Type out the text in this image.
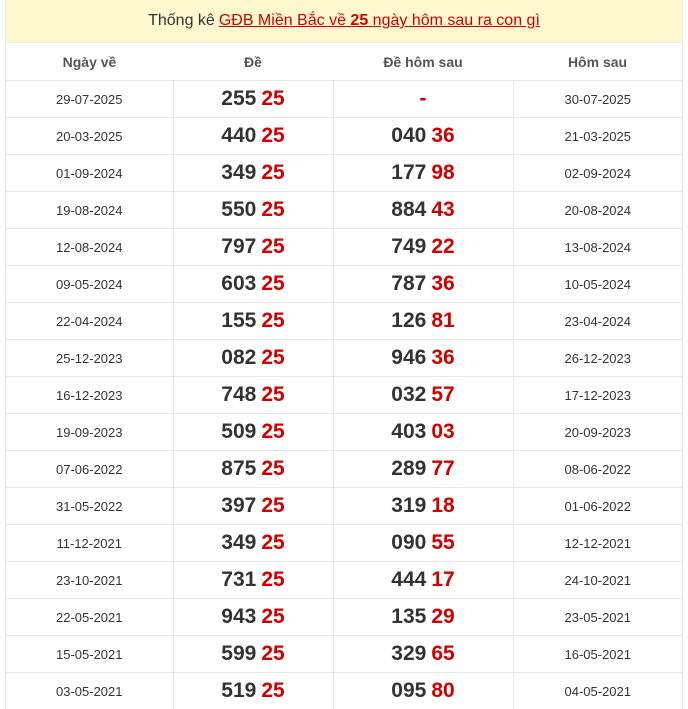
Thống kê GĐB Miền Bắc về 25 ngày hôm sau ra con gì
Ngày về	Đề	Đề hôm sau	Hôm sau
29-07-2025	255 25	-	30-07-2025
20-03-2025	440 25	040 36	21-03-2025
01-09-2024	349 25	177 98	02-09-2024
19-08-2024	550 25	884 43	20-08-2024
12-08-2024	797 25	749 22	13-08-2024
09-05-2024	603 25	787 36	10-05-2024
22-04-2024	155 25	126 81	23-04-2024
25-12-2023	082 25	946 36	26-12-2023
16-12-2023	748 25	032 57	17-12-2023
19-09-2023	509 25	403 03	20-09-2023
07-06-2022	875 25	289 77	08-06-2022
31-05-2022	397 25	319 18	01-06-2022
11-12-2021	349 25	090 55	12-12-2021
23-10-2021	731 25	444 17	24-10-2021
22-05-2021	943 25	135 29	23-05-2021
15-05-2021	599 25	329 65	16-05-2021
03-05-2021	519 25	095 80	04-05-2021
